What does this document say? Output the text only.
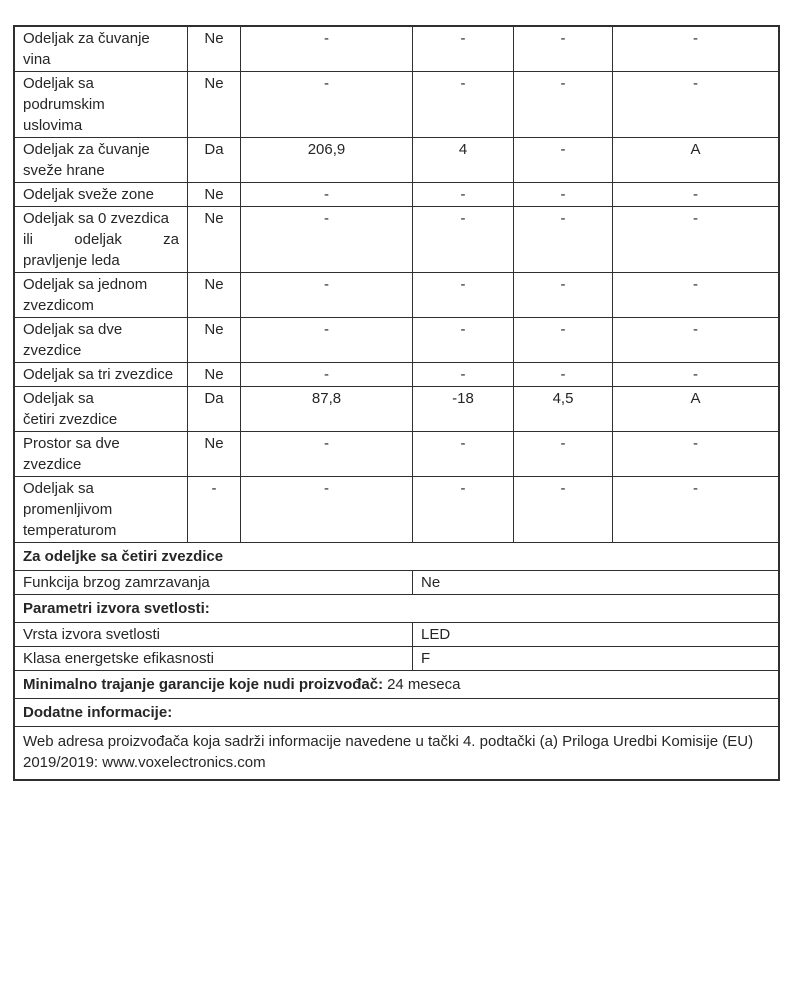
Odeljak za čuvanje
vina
Ne	-	-	-	-
Odeljak sa podrumskim
uslovima
Ne	-	-	-	-
Odeljak za čuvanje
sveže hrane
Da	206,9	4	-	A
Odeljak sveže zone	Ne	-	-	-	-
Odeljak sa 0 zvezdica
ili odeljak za
pravljenje leda
Ne	-	-	-	-
Odeljak sa jednom
zvezdicom
Ne	-	-	-	-
Odeljak sa dve
zvezdice
Ne	-	-	-	-
Odeljak sa tri zvezdice	Ne	-	-	-	-
Odeljak sa
četiri zvezdice
Da	87,8	-18	4,5	A
Prostor sa dve
zvezdice
Ne	-	-	-	-
Odeljak sa
promenljivom
temperaturom
-	-	-	-	-
Za odeljke sa četiri zvezdice
Funkcija brzog zamrzavanja	Ne
Parametri izvora svetlosti:
Vrsta izvora svetlosti	LED
Klasa energetske efikasnosti	F
Minimalno trajanje garancije koje nudi proizvođač: 24 meseca
Dodatne informacije:
Web adresa proizvođača koja sadrži informacije navedene u tački 4. podtački (a) Priloga Uredbi Komisije (EU)
2019/2019: www.voxelectronics.com
